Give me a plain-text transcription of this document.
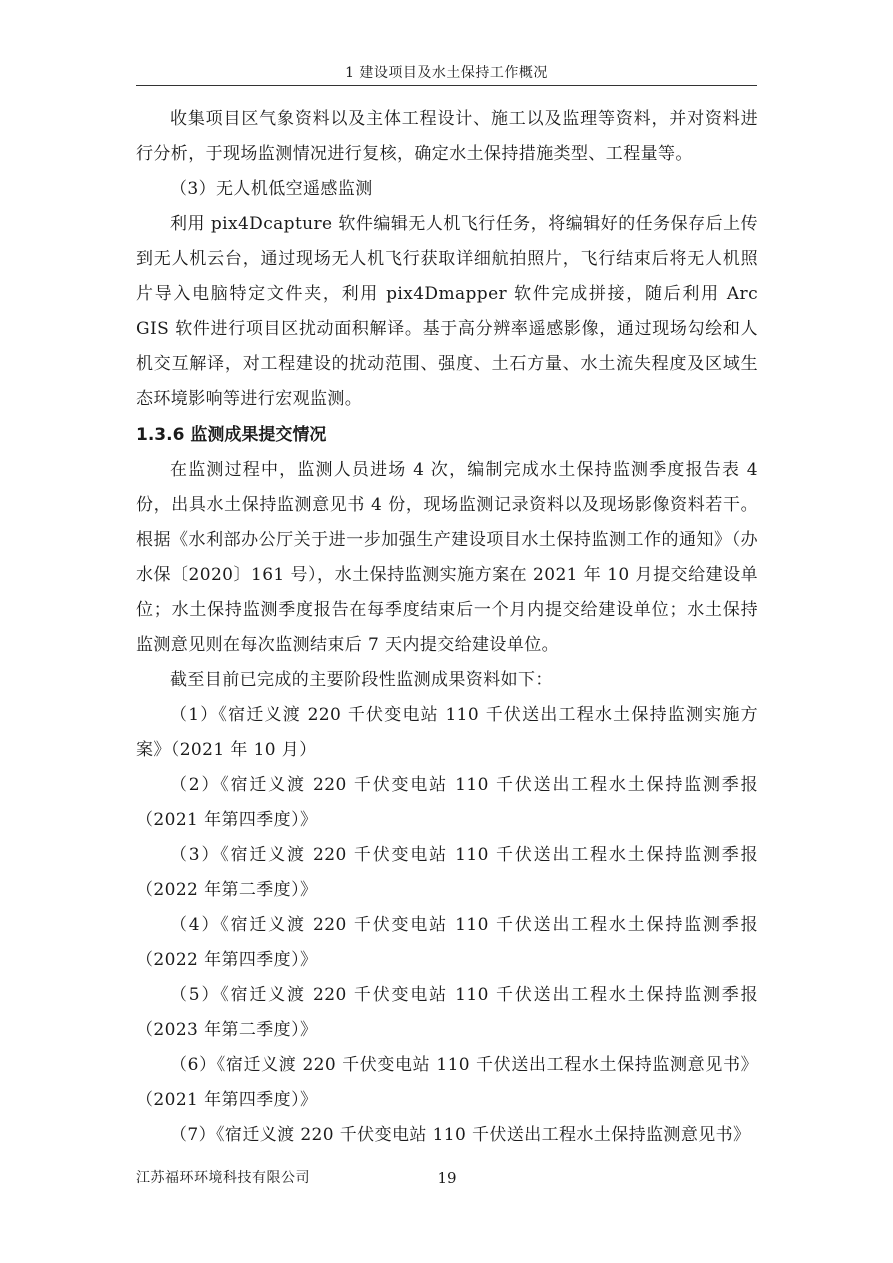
1 建设项目及水土保持工作概况

收集项目区气象资料以及主体工程设计、施工以及监理等资料，并对资料进行分析，于现场监测情况进行复核，确定水土保持措施类型、工程量等。

（3）无人机低空遥感监测

利用 pix4Dcapture 软件编辑无人机飞行任务，将编辑好的任务保存后上传到无人机云台，通过现场无人机飞行获取详细航拍照片，飞行结束后将无人机照片导入电脑特定文件夹，利用 pix4Dmapper 软件完成拼接，随后利用 Arc GIS 软件进行项目区扰动面积解译。基于高分辨率遥感影像，通过现场勾绘和人机交互解译，对工程建设的扰动范围、强度、土石方量、水土流失程度及区域生态环境影响等进行宏观监测。

1.3.6 监测成果提交情况

在监测过程中，监测人员进场 4 次，编制完成水土保持监测季度报告表 4 份，出具水土保持监测意见书 4 份，现场监测记录资料以及现场影像资料若干。根据《水利部办公厅关于进一步加强生产建设项目水土保持监测工作的通知》（办水保〔2020〕161 号），水土保持监测实施方案在 2021 年 10 月提交给建设单位；水土保持监测季度报告在每季度结束后一个月内提交给建设单位；水土保持监测意见则在每次监测结束后 7 天内提交给建设单位。

截至目前已完成的主要阶段性监测成果资料如下：

（1）《宿迁义渡 220 千伏变电站 110 千伏送出工程水土保持监测实施方案》（2021 年 10 月）

（2）《宿迁义渡 220 千伏变电站 110 千伏送出工程水土保持监测季报（2021 年第四季度）》

（3）《宿迁义渡 220 千伏变电站 110 千伏送出工程水土保持监测季报（2022 年第二季度）》

（4）《宿迁义渡 220 千伏变电站 110 千伏送出工程水土保持监测季报（2022 年第四季度）》

（5）《宿迁义渡 220 千伏变电站 110 千伏送出工程水土保持监测季报（2023 年第二季度）》

（6）《宿迁义渡 220 千伏变电站 110 千伏送出工程水土保持监测意见书》（2021 年第四季度）》

（7）《宿迁义渡 220 千伏变电站 110 千伏送出工程水土保持监测意见书》

江苏福环环境科技有限公司	19
